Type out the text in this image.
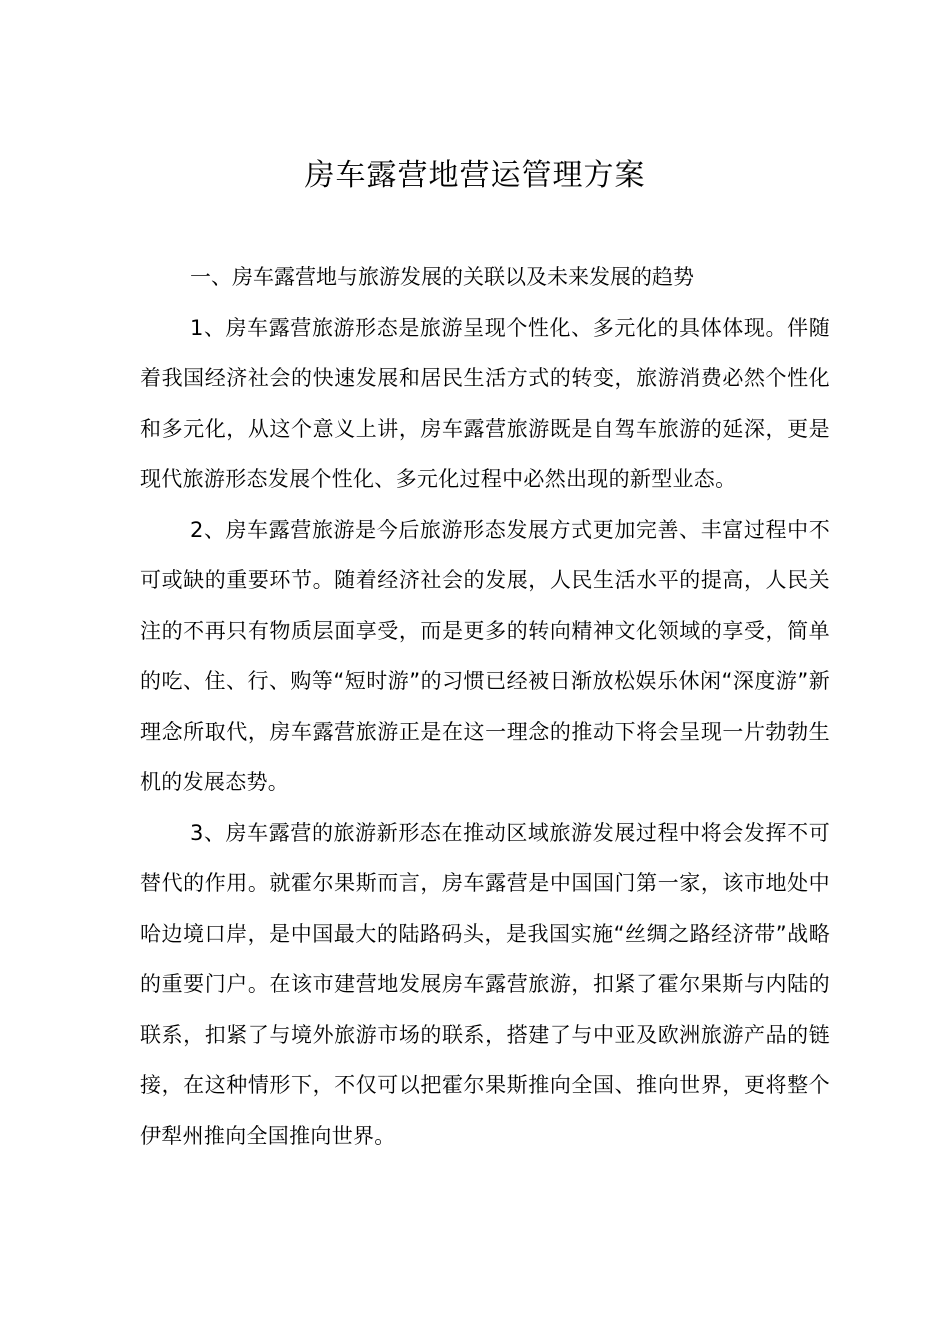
房车露营地营运管理方案
一、房车露营地与旅游发展的关联以及未来发展的趋势

1、房车露营旅游形态是旅游呈现个性化、多元化的具体体现。伴随着我国经济社会的快速发展和居民生活方式的转变，旅游消费必然个性化和多元化，从这个意义上讲，房车露营旅游既是自驾车旅游的延深，更是现代旅游形态发展个性化、多元化过程中必然出现的新型业态。

2、房车露营旅游是今后旅游形态发展方式更加完善、丰富过程中不可或缺的重要环节。随着经济社会的发展，人民生活水平的提高，人民关注的不再只有物质层面享受，而是更多的转向精神文化领域的享受，简单的吃、住、行、购等“短时游”的习惯已经被日渐放松娱乐休闲“深度游”新理念所取代，房车露营旅游正是在这一理念的推动下将会呈现一片勃勃生机的发展态势。

3、房车露营的旅游新形态在推动区域旅游发展过程中将会发挥不可替代的作用。就霍尔果斯而言，房车露营是中国国门第一家，该市地处中哈边境口岸，是中国最大的陆路码头，是我国实施“丝绸之路经济带”战略的重要门户。在该市建营地发展房车露营旅游，扣紧了霍尔果斯与内陆的联系，扣紧了与境外旅游市场的联系，搭建了与中亚及欧洲旅游产品的链接，在这种情形下，不仅可以把霍尔果斯推向全国、推向世界，更将整个伊犁州推向全国推向世界。
